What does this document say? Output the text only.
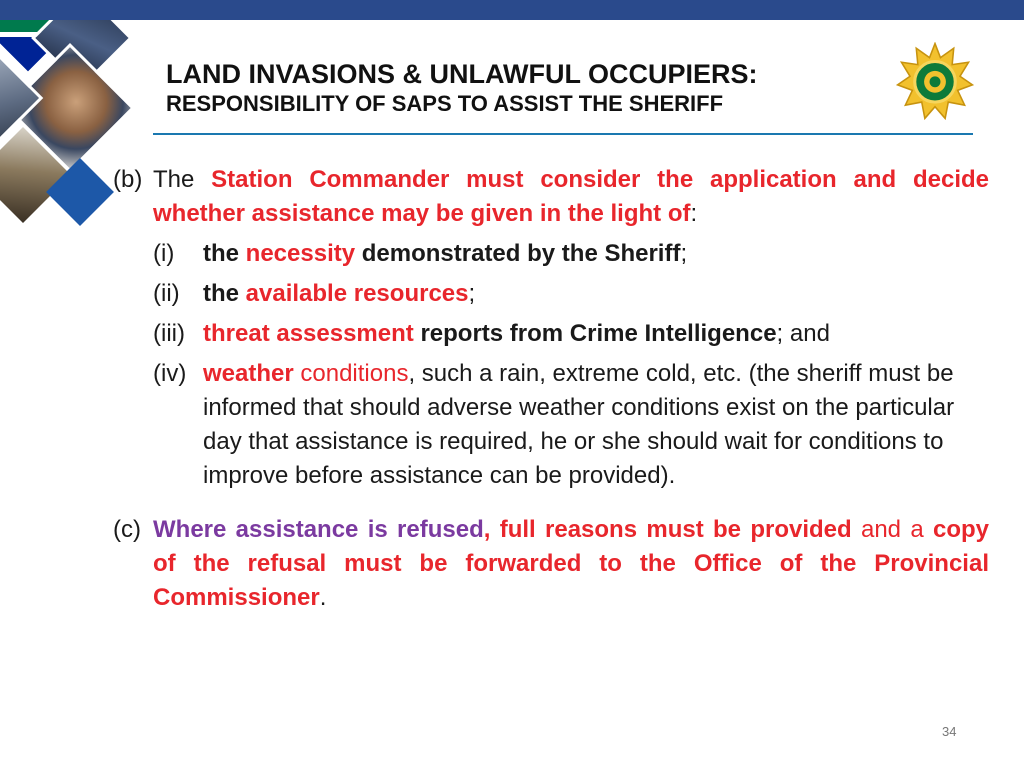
LAND INVASIONS & UNLAWFUL OCCUPIERS:
RESPONSIBILITY OF SAPS TO ASSIST THE SHERIFF
(b) The Station Commander must consider the application and decide whether assistance may be given in the light of:
(i) the necessity demonstrated by the Sheriff;
(ii) the available resources;
(iii) threat assessment reports from Crime Intelligence; and
(iv) weather conditions, such a rain, extreme cold, etc. (the sheriff must be informed that should adverse weather conditions exist on the particular day that assistance is required, he or she should wait for conditions to improve before assistance can be provided).
(c) Where assistance is refused, full reasons must be provided and a copy of the refusal must be forwarded to the Office of the Provincial Commissioner.
34
